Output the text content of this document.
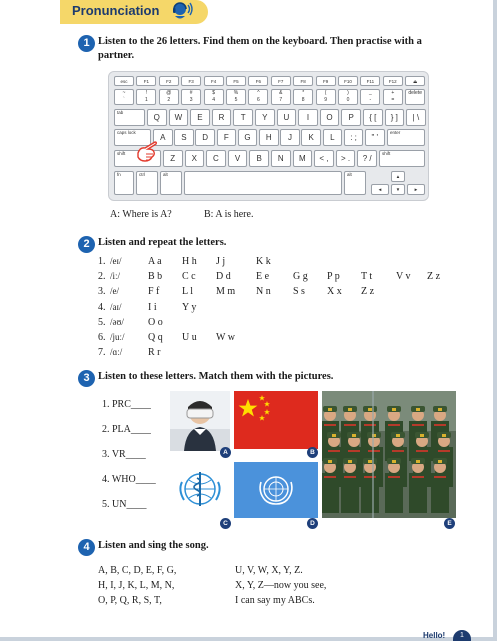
Pronunciation
1 Listen to the 26 letters. Find them on the keyboard. Then practise with a partner.
esc	F1	F2	F3	F4	F5	F6	F7	F8	F9	F10	F11	F12	⏏
~
`
!
1
@
2
#
3
$
4
%
5
^
6
&
7
*
8
(
9
)
0
_
-
+
=
delete
tab
Q	W	E	R	T	Y	U	I	O	P	{ [	} ]	| \
caps lock
A	S	D	F	G	H	J	K	L	: ;	" '
enter
shift
Z	X	C	V	B	N	M	< ,	> .	? /
shift
fn	ctrl	alt	alt	▲
◄	▼	►
A: Where is A?	B: A is here.
2 Listen and repeat the letters.
1. /eɪ/	A a H h J j	K k
2. /iː/	B b C c D d	E e G g P p T t V v Z z
3. /e/	F f L l M m N n S s X x Z z
4. /aɪ/	I i	Y y
5. /əʊ/ O o
6. /juː/ Q q U u W w
7. /ɑː/	R r
3 Listen to these letters. Match them with the pictures.
1. PRC____
2. PLA____
3. VR____
4. WHO____
5. UN____
A	B
C	D	E
4 Listen and sing the song.
A, B, C, D, E, F, G,
H, I, J, K, L, M, N,
O, P, Q, R, S, T,
U, V, W, X, Y, Z.
X, Y, Z—now you see,
I can say my ABCs.
Hello!	1
